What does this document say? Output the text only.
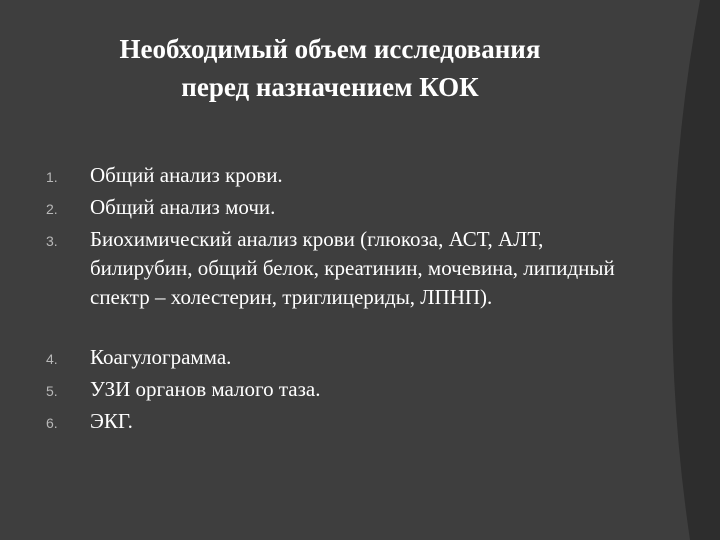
Необходимый объем исследования
перед назначением КОК
1. Общий анализ крови.
2. Общий анализ мочи.
3. Биохимический анализ крови (глюкоза, АСТ, АЛТ, билирубин, общий белок, креатинин, мочевина, липидный спектр – холестерин, триглицериды, ЛПНП).
4. Коагулограмма.
5. УЗИ органов малого таза.
6. ЭКГ.
